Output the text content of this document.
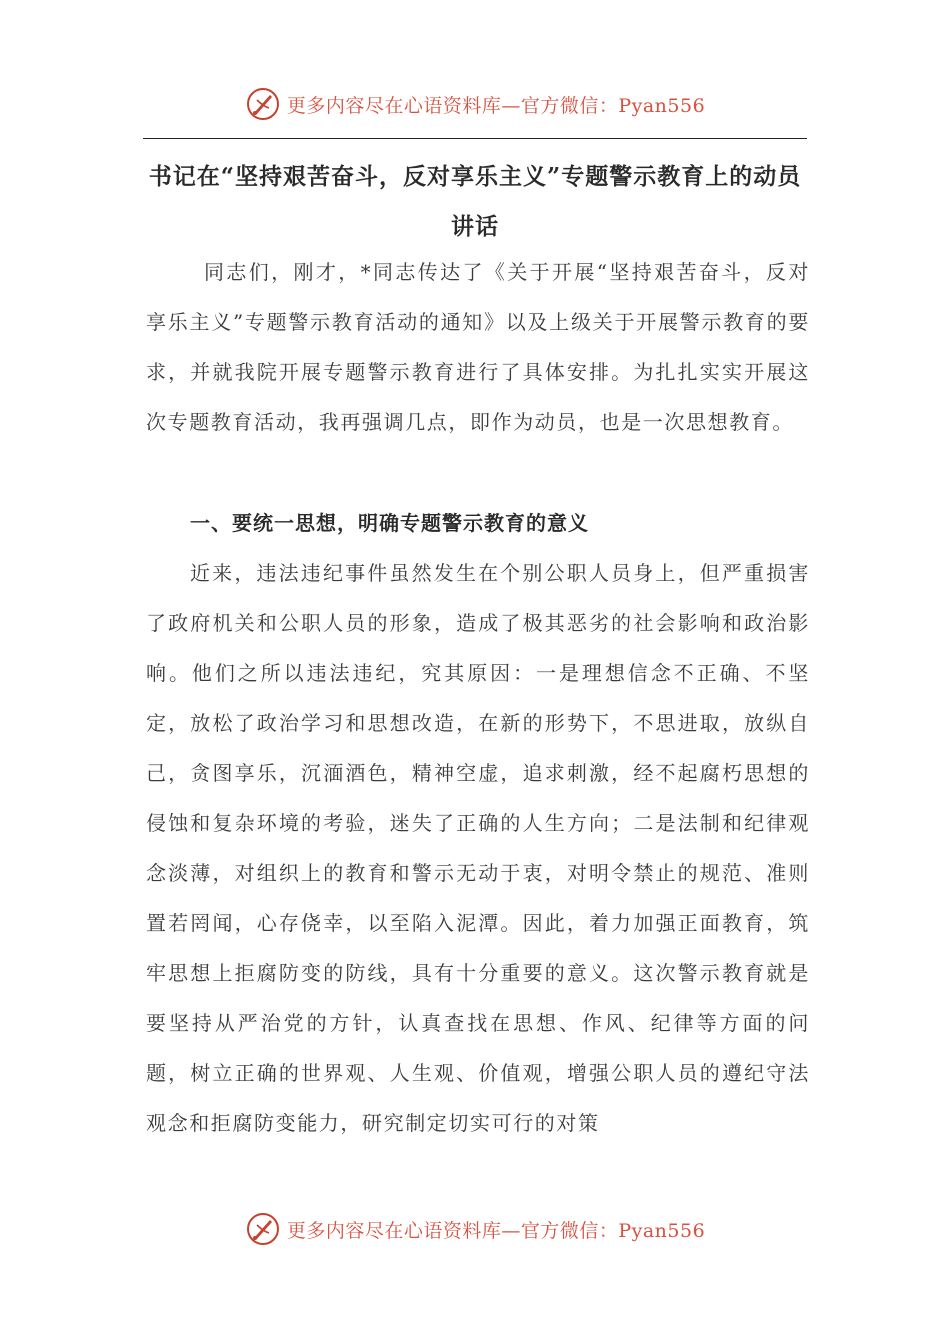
更多内容尽在心语资料库—官方微信：Pyan556
书记在“坚持艰苦奋斗，反对享乐主义”专题警示教育上的动员讲话

同志们，刚才，*同志传达了《关于开展“坚持艰苦奋斗，反对享乐主义”专题警示教育活动的通知》以及上级关于开展警示教育的要求，并就我院开展专题警示教育进行了具体安排。为扎扎实实开展这次专题教育活动，我再强调几点，即作为动员，也是一次思想教育。

一、要统一思想，明确专题警示教育的意义

近来，违法违纪事件虽然发生在个别公职人员身上，但严重损害了政府机关和公职人员的形象，造成了极其恶劣的社会影响和政治影响。他们之所以违法违纪，究其原因：一是理想信念不正确、不坚定，放松了政治学习和思想改造，在新的形势下，不思进取，放纵自己，贪图享乐，沉湎酒色，精神空虚，追求刺激，经不起腐朽思想的侵蚀和复杂环境的考验，迷失了正确的人生方向；二是法制和纪律观念淡薄，对组织上的教育和警示无动于衷，对明令禁止的规范、准则置若罔闻，心存侥幸，以至陷入泥潭。因此，着力加强正面教育，筑牢思想上拒腐防变的防线，具有十分重要的意义。这次警示教育就是要坚持从严治党的方针，认真查找在思想、作风、纪律等方面的问题，树立正确的世界观、人生观、价值观，增强公职人员的遵纪守法观念和拒腐防变能力，研究制定切实可行的对策

更多内容尽在心语资料库—官方微信：Pyan556
